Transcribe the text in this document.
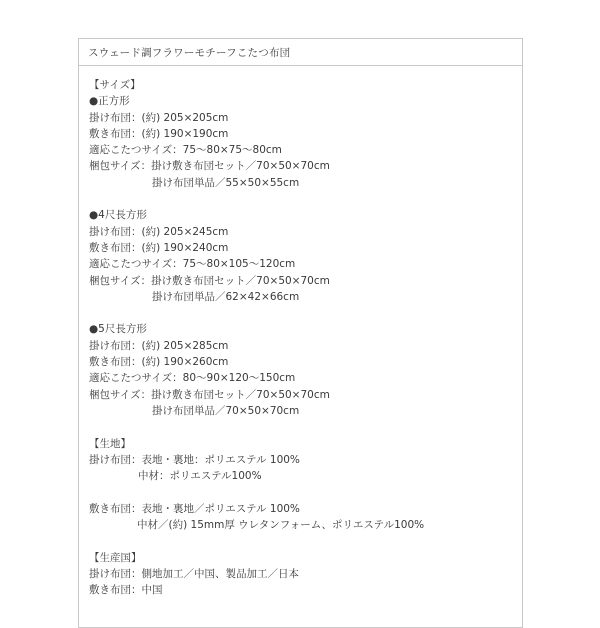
スウェード調フラワーモチーフこたつ布団
【サイズ】
●正方形
掛け布団：(約) 205×205cm
敷き布団：(約) 190×190cm
適応こたつサイズ：75～80×75～80cm
梱包サイズ：掛け敷き布団セット／70×50×70cm
掛け布団単品／55×50×55cm
●4尺長方形
掛け布団：(約) 205×245cm
敷き布団：(約) 190×240cm
適応こたつサイズ：75～80×105～120cm
梱包サイズ：掛け敷き布団セット／70×50×70cm
掛け布団単品／62×42×66cm
●5尺長方形
掛け布団：(約) 205×285cm
敷き布団：(約) 190×260cm
適応こたつサイズ：80～90×120～150cm
梱包サイズ：掛け敷き布団セット／70×50×70cm
掛け布団単品／70×50×70cm
【生地】
掛け布団：表地・裏地：ポリエステル 100%
中材：ポリエステル100%
敷き布団：表地・裏地／ポリエステル 100%
中材／(約) 15mm厚 ウレタンフォーム、ポリエステル100%
【生産国】
掛け布団：側地加工／中国、製品加工／日本
敷き布団：中国
